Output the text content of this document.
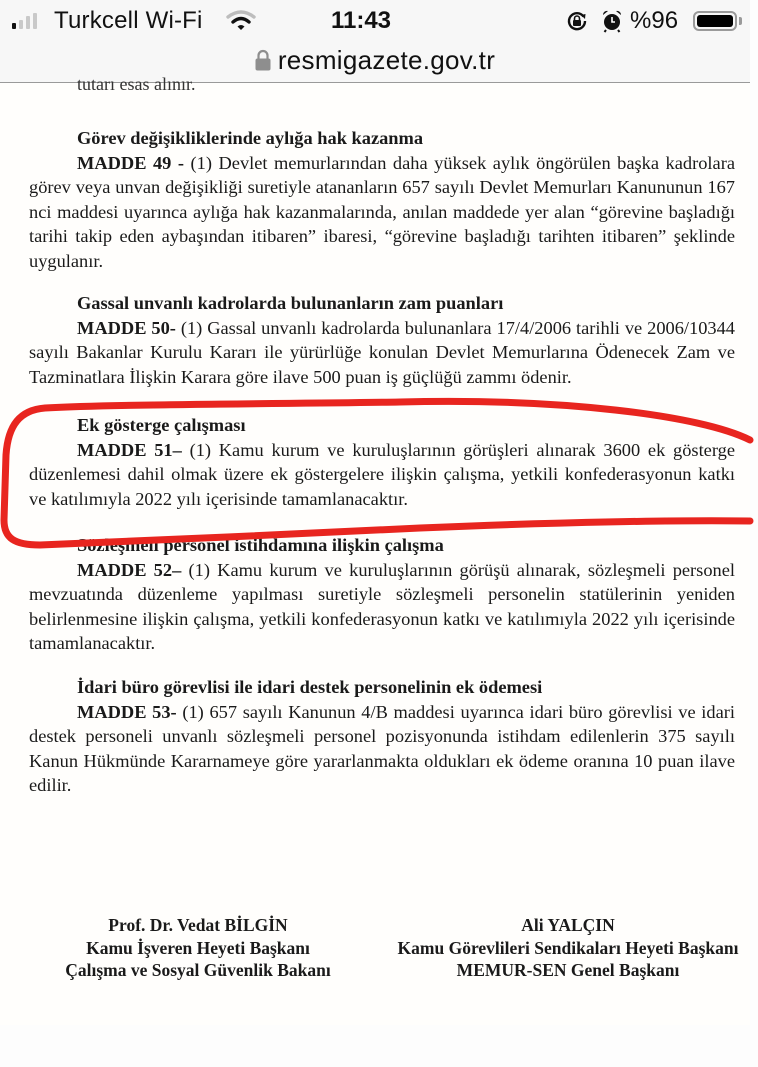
Turkcell Wi-Fi	11:43	%96
resmigazete.gov.tr
tutarı esas alınır.
Görev değişikliklerinde aylığa hak kazanma
MADDE 49 - (1) Devlet memurlarından daha yüksek aylık öngörülen başka kadrolara görev veya unvan değişikliği suretiyle atananların 657 sayılı Devlet Memurları Kanununun 167 nci maddesi uyarınca aylığa hak kazanmalarında, anılan maddede yer alan “görevine başladığı tarihi takip eden aybaşından itibaren” ibaresi, “görevine başladığı tarihten itibaren” şeklinde uygulanır.
Gassal unvanlı kadrolarda bulunanların zam puanları
MADDE 50- (1) Gassal unvanlı kadrolarda bulunanlara 17/4/2006 tarihli ve 2006/10344 sayılı Bakanlar Kurulu Kararı ile yürürlüğe konulan Devlet Memurlarına Ödenecek Zam ve Tazminatlara İlişkin Karara göre ilave 500 puan iş güçlüğü zammı ödenir.
Ek gösterge çalışması
MADDE 51– (1) Kamu kurum ve kuruluşlarının görüşleri alınarak 3600 ek gösterge düzenlemesi dahil olmak üzere ek göstergelere ilişkin çalışma, yetkili konfederasyonun katkı ve katılımıyla 2022 yılı içerisinde tamamlanacaktır.
Sözleşmeli personel istihdamına ilişkin çalışma
MADDE 52– (1) Kamu kurum ve kuruluşlarının görüşü alınarak, sözleşmeli personel mevzuatında düzenleme yapılması suretiyle sözleşmeli personelin statülerinin yeniden belirlenmesine ilişkin çalışma, yetkili konfederasyonun katkı ve katılımıyla 2022 yılı içerisinde tamamlanacaktır.
İdari büro görevlisi ile idari destek personelinin ek ödemesi
MADDE 53- (1) 657 sayılı Kanunun 4/B maddesi uyarınca idari büro görevlisi ve idari destek personeli unvanlı sözleşmeli personel pozisyonunda istihdam edilenlerin 375 sayılı Kanun Hükmünde Kararnameye göre yararlanmakta oldukları ek ödeme oranına 10 puan ilave edilir.
Prof. Dr. Vedat BİLGİN
Kamu İşveren Heyeti Başkanı
Çalışma ve Sosyal Güvenlik Bakanı
Ali YALÇIN
Kamu Görevlileri Sendikaları Heyeti Başkanı
MEMUR-SEN Genel Başkanı
